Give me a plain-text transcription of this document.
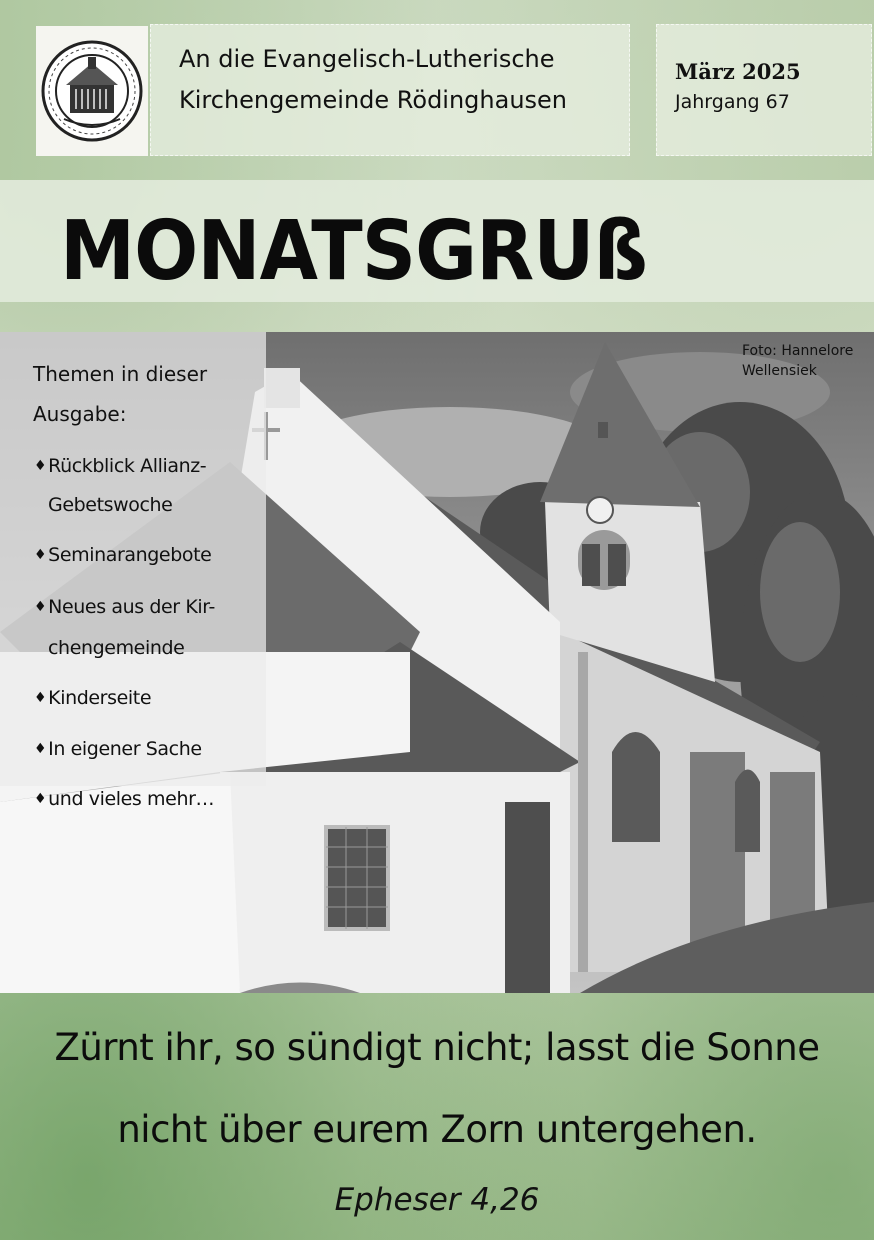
An die Evangelisch-Lutherische
Kirchengemeinde Rödinghausen
März 2025
Jahrgang 67
MONATSGRUß
Foto: Hannelore
Wellensiek
Themen in dieser
Ausgabe:
♦ Rückblick Allianz-
Gebetswoche
♦ Seminarangebote
♦ Neues aus der Kir-
chengemeinde
♦ Kinderseite
♦ In eigener Sache
♦ und vieles mehr…
Zürnt ihr, so sündigt nicht; lasst die Sonne
nicht über eurem Zorn untergehen.
Epheser 4,26
